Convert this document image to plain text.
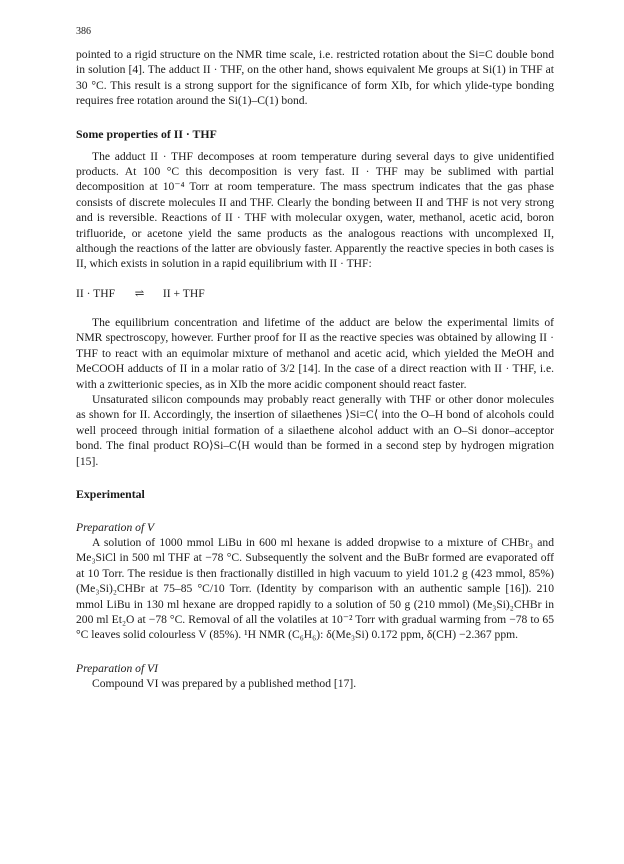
386

pointed to a rigid structure on the NMR time scale, i.e. restricted rotation about the Si=C double bond in solution [4]. The adduct II · THF, on the other hand, shows equivalent Me groups at Si(1) in THF at 30 °C. This result is a strong support for the significance of form XIb, for which ylide-type bonding requires free rotation around the Si(1)–C(1) bond.

Some properties of II · THF

The adduct II · THF decomposes at room temperature during several days to give unidentified products. At 100 °C this decomposition is very fast. II · THF may be sublimed with partial decomposition at 10⁻⁴ Torr at room temperature. The mass spectrum indicates that the gas phase consists of discrete molecules II and THF. Clearly the bonding between II and THF is not very strong and is reversible. Reactions of II · THF with molecular oxygen, water, methanol, acetic acid, boron trifluoride, or acetone yield the same products as the analogous reactions with uncomplexed II, although the reactions of the latter are obviously faster. Apparently the reactive species in both cases is II, which exists in solution in a rapid equilibrium with II · THF:

II · THF ⇌ II + THF

The equilibrium concentration and lifetime of the adduct are below the experimental limits of NMR spectroscopy, however. Further proof for II as the reactive species was obtained by allowing II · THF to react with an equimolar mixture of methanol and acetic acid, which yielded the MeOH and MeCOOH adducts of II in a molar ratio of 3/2 [14]. In the case of a direct reaction with II · THF, i.e. with a zwitterionic species, as in XIb the more acidic component should react faster.

Unsaturated silicon compounds may probably react generally with THF or other donor molecules as shown for II. Accordingly, the insertion of silaethenes ⟩Si=C⟨ into the O–H bond of alcohols could well proceed through initial formation of a silaethene alcohol adduct with an O–Si donor–acceptor bond. The final product RO⟩Si–C⟨H would than be formed in a second step by hydrogen migration [15].

Experimental
Preparation of V

A solution of 1000 mmol LiBu in 600 ml hexane is added dropwise to a mixture of CHBr₃ and Me₃SiCl in 500 ml THF at −78 °C. Subsequently the solvent and the BuBr formed are evaporated off at 10 Torr. The residue is then fractionally distilled in high vacuum to yield 101.2 g (423 mmol, 85%) (Me₃Si)₂CHBr at 75–85 °C/10 Torr. (Identity by comparison with an authentic sample [16]). 210 mmol LiBu in 130 ml hexane are dropped rapidly to a solution of 50 g (210 mmol) (Me₃Si)₂CHBr in 200 ml Et₂O at −78 °C. Removal of all the volatiles at 10⁻² Torr with gradual warming from −78 to 65 °C leaves solid colourless V (85%). ¹H NMR (C₆H₆): δ(Me₃Si) 0.172 ppm, δ(CH) −2.367 ppm.

Preparation of VI

Compound VI was prepared by a published method [17].
